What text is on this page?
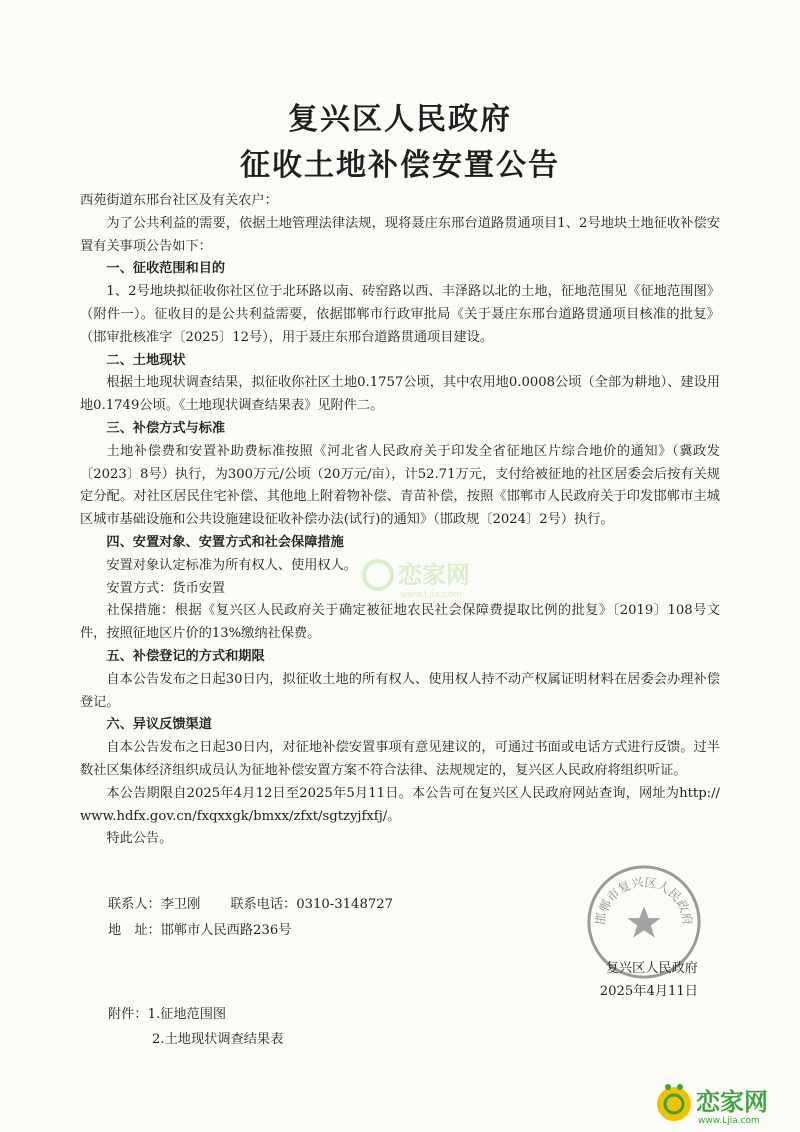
复兴区人民政府
征收土地补偿安置公告

西苑街道东邢台社区及有关农户：

为了公共利益的需要，依据土地管理法律法规，现将聂庄东邢台道路贯通项目1、2号地块土地征收补偿安置有关事项公告如下：

一、征收范围和目的

1、2号地块拟征收你社区位于北环路以南、砖窑路以西、丰泽路以北的土地，征地范围见《征地范围图》（附件一）。征收目的是公共利益需要，依据邯郸市行政审批局《关于聂庄东邢台道路贯通项目核准的批复》（邯审批核准字〔2025〕12号），用于聂庄东邢台道路贯通项目建设。

二、土地现状

根据土地现状调查结果，拟征收你社区土地0.1757公顷，其中农用地0.0008公顷（全部为耕地）、建设用地0.1749公顷。《土地现状调查结果表》见附件二。

三、补偿方式与标准

土地补偿费和安置补助费标准按照《河北省人民政府关于印发全省征地区片综合地价的通知》（冀政发〔2023〕8号）执行，为300万元/公顷（20万元/亩），计52.71万元，支付给被征地的社区居委会后按有关规定分配。对社区居民住宅补偿、其他地上附着物补偿、青苗补偿，按照《邯郸市人民政府关于印发邯郸市主城区城市基础设施和公共设施建设征收补偿办法(试行)的通知》（邯政规〔2024〕2号）执行。

四、安置对象、安置方式和社会保障措施

安置对象认定标准为所有权人、使用权人。

安置方式：货币安置

社保措施：根据《复兴区人民政府关于确定被征地农民社会保障费提取比例的批复》〔2019〕108号文件，按照征地区片价的13%缴纳社保费。

五、补偿登记的方式和期限

自本公告发布之日起30日内，拟征收土地的所有权人、使用权人持不动产权属证明材料在居委会办理补偿登记。

六、异议反馈渠道

自本公告发布之日起30日内，对征地补偿安置事项有意见建议的，可通过书面或电话方式进行反馈。过半数社区集体经济组织成员认为征地补偿安置方案不符合法律、法规规定的，复兴区人民政府将组织听证。

本公告期限自2025年4月12日至2025年5月11日。本公告可在复兴区人民政府网站查询，网址为http://www.hdfx.gov.cn/fxqxxgk/bmxx/zfxt/sgtzyjfxfj/。

特此公告。

联系人：李卫刚 联系电话：0310-3148727
地　址：邯郸市人民西路236号
邯郸市复兴区人民政府
复兴区人民政府
2025年4月11日
附件：1.征地范围图
2.土地现状调查结果表
恋家网
www.Ljia.com
恋家网
www.Ljia.com
